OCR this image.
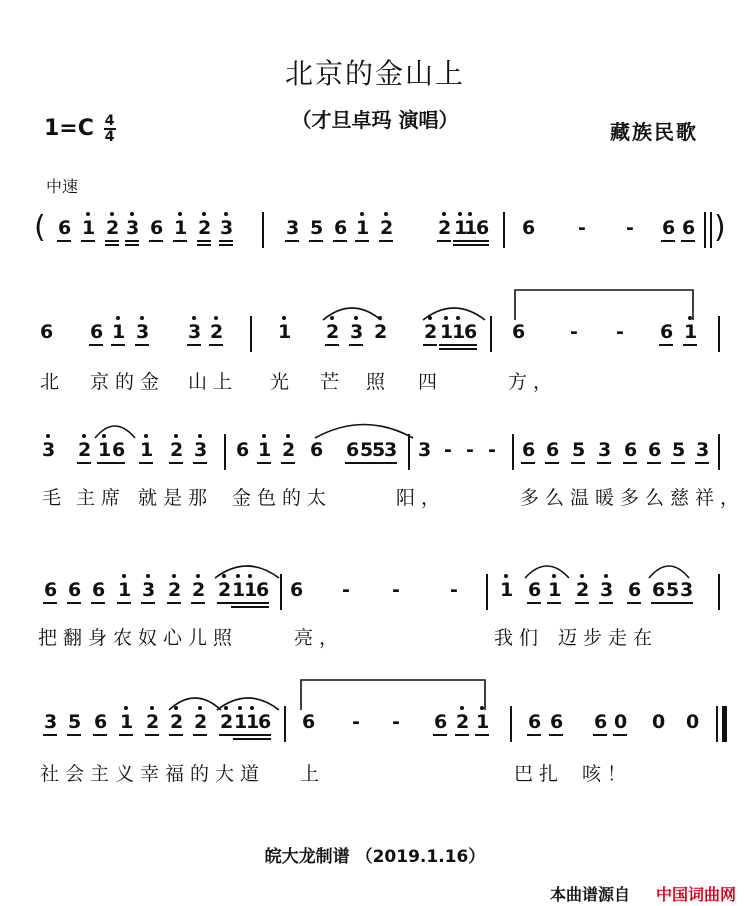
北京的金山上
$1=C \frac{4}{4}$	（才旦卓玛 演唱）	藏族民歌
中速
( 6 1 2 3 6 1 2 3	3 5 6 1 2 2 1
1
6 6 - - 6 6 )
6 6 1 3 3 2	1 2 3 2 2 1
1
6 6 - - 6 1
3 2 1 6 1 2 3 6 1 2 6 6 5
5
3 3 - - - 6 6 5 3 6 6 5 3
6 6 6 1 3 2 2 2 1
1
6 6 - -	- 1 6 1 2 3 6 6 5 3
3 5 6 1 2 2 2 2 1
1
6 6 - - 6 2 1 6 6 6 0 0 0
皖大龙制谱 （2019.1.16）
本曲谱源自 中国词曲网
北 京的金 山上 光 芒 照 四	方，
毛 主席 就是那 金色的太	阳，	多么温暖多么慈祥，
把翻身农奴心儿照	亮，	我们 迈步走在
社会主义幸福的大道 上	巴扎 咳！
